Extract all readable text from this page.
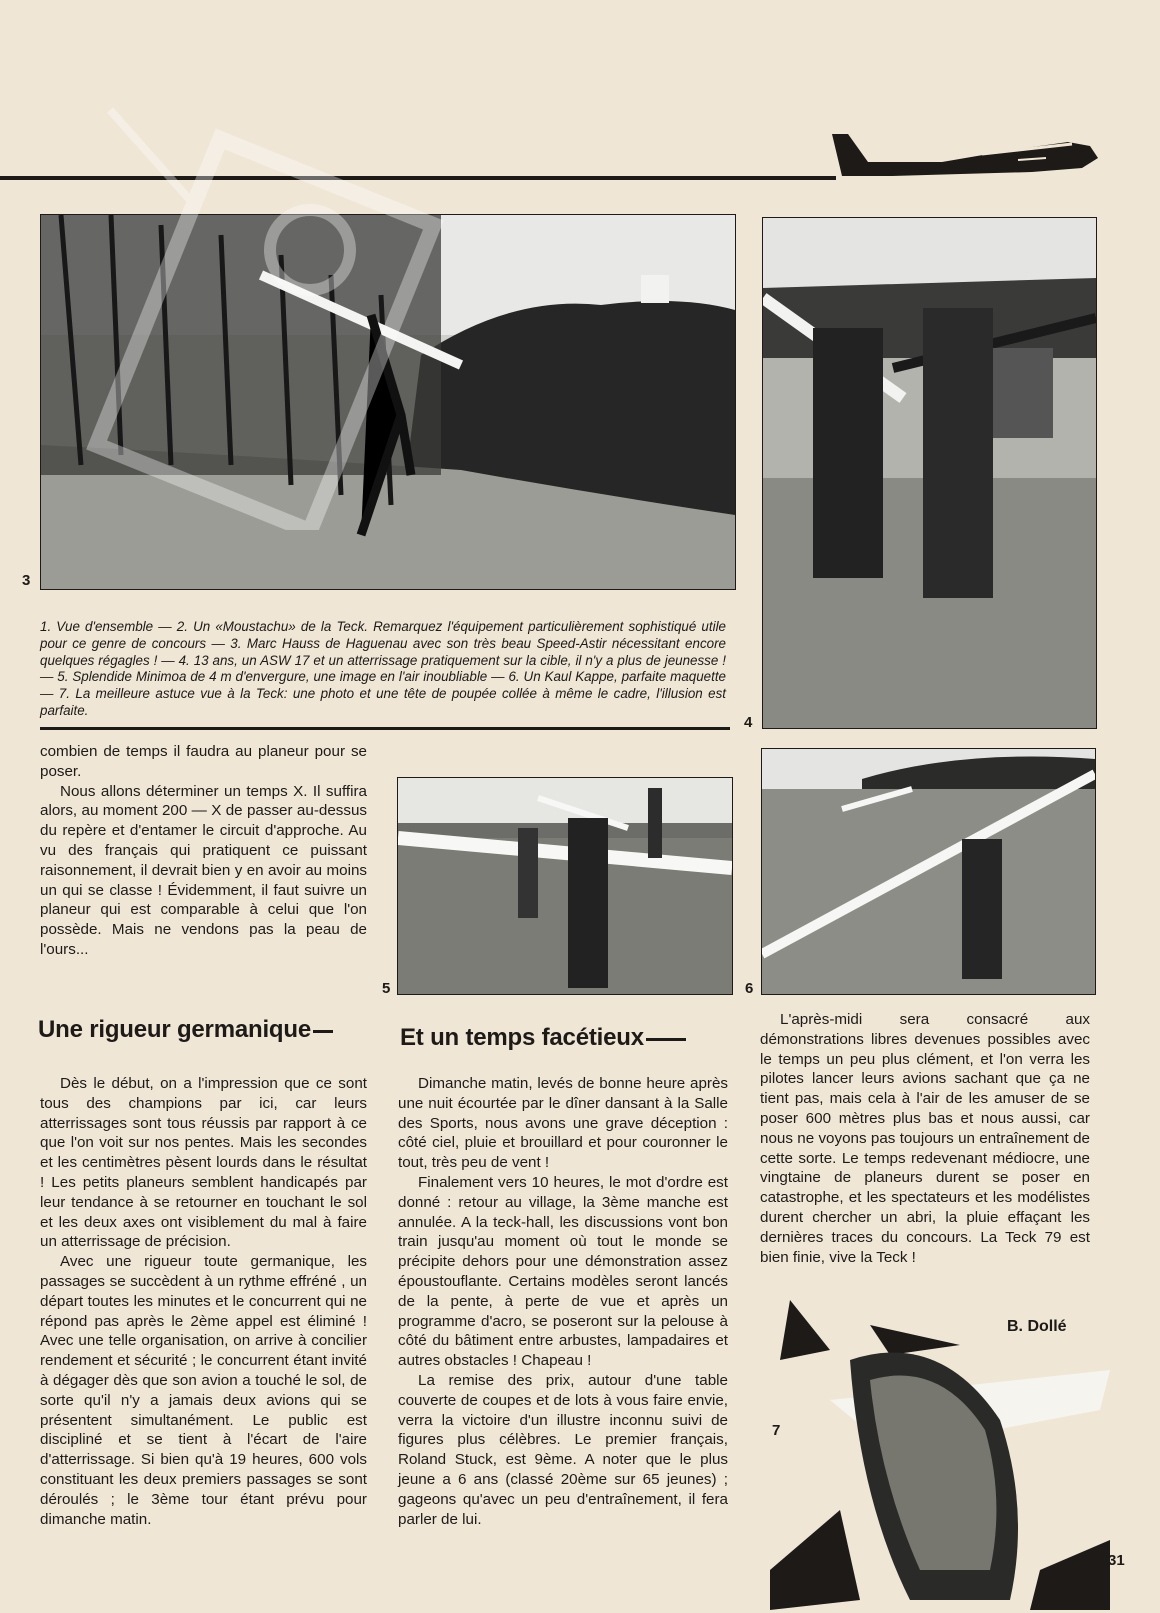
3
4

1. Vue d'ensemble — 2. Un «Moustachu» de la Teck. Remarquez l'équipement particulièrement sophistiqué utile pour ce genre de concours — 3. Marc Hauss de Haguenau avec son très beau Speed-Astir nécessitant encore quelques régagles ! — 4. 13 ans, un ASW 17 et un atterrissage pratiquement sur la cible, il n'y a plus de jeunesse ! — 5. Splendide Minimoa de 4 m d'envergure, une image en l'air inoubliable — 6. Un Kaul Kappe, parfaite maquette — 7. La meilleure astuce vue à la Teck: une photo et une tête de poupée collée à même le cadre, l'illusion est parfaite.

5	6
7

combien de temps il faudra au planeur pour se poser.

Nous allons déterminer un temps X. Il suffira alors, au moment 200 — X de passer au-dessus du repère et d'entamer le circuit d'approche. Au vu des français qui pratiquent ce puissant raisonnement, il devrait bien y en avoir au moins un qui se classe ! Évidemment, il faut suivre un planeur qui est comparable à celui que l'on possède. Mais ne vendons pas la peau de l'ours...

Une rigueur germanique

Dès le début, on a l'impression que ce sont tous des champions par ici, car leurs atterrissages sont tous réussis par rapport à ce que l'on voit sur nos pentes. Mais les secondes et les centimètres pèsent lourds dans le résultat ! Les petits planeurs semblent handicapés par leur tendance à se retourner en touchant le sol et les deux axes ont visiblement du mal à faire un atterrissage de précision.

Avec une rigueur toute germanique, les passages se succèdent à un rythme effréné , un départ toutes les minutes et le concurrent qui ne répond pas après le 2ème appel est éliminé ! Avec une telle organisation, on arrive à concilier rendement et sécurité ; le concurrent étant invité à dégager dès que son avion a touché le sol, de sorte qu'il n'y a jamais deux avions qui se présentent simultanément. Le public est discipliné et se tient à l'écart de l'aire d'atterrissage. Si bien qu'à 19 heures, 600 vols constituant les deux premiers passages se sont déroulés ; le 3ème tour étant prévu pour dimanche matin.

Et un temps facétieux

Dimanche matin, levés de bonne heure après une nuit écourtée par le dîner dansant à la Salle des Sports, nous avons une grave déception : côté ciel, pluie et brouillard et pour couronner le tout, très peu de vent !

Finalement vers 10 heures, le mot d'ordre est donné : retour au village, la 3ème manche est annulée. A la teck-hall, les discussions vont bon train jusqu'au moment où tout le monde se précipite dehors pour une démonstration assez époustouflante. Certains modèles seront lancés de la pente, à perte de vue et après un programme d'acro, se poseront sur la pelouse à côté du bâtiment entre arbustes, lampadaires et autres obstacles ! Chapeau !

La remise des prix, autour d'une table couverte de coupes et de lots à vous faire envie, verra la victoire d'un illustre inconnu suivi de figures plus célèbres. Le premier français, Roland Stuck, est 9ème. A noter que le plus jeune a 6 ans (classé 20ème sur 65 jeunes) ; gageons qu'avec un peu d'entraînement, il fera parler de lui.

L'après-midi sera consacré aux démonstrations libres devenues possibles avec le temps un peu plus clément, et l'on verra les pilotes lancer leurs avions sachant que ça ne tient pas, mais cela à l'air de les amuser de se poser 600 mètres plus bas et nous aussi, car nous ne voyons pas toujours un entraînement de cette sorte. Le temps redevenant médiocre, une vingtaine de planeurs durent se poser en catastrophe, et les spectateurs et les modélistes durent chercher un abri, la pluie effaçant les dernières traces du concours. La Teck 79 est bien finie, vive la Teck !

B. Dollé
31
